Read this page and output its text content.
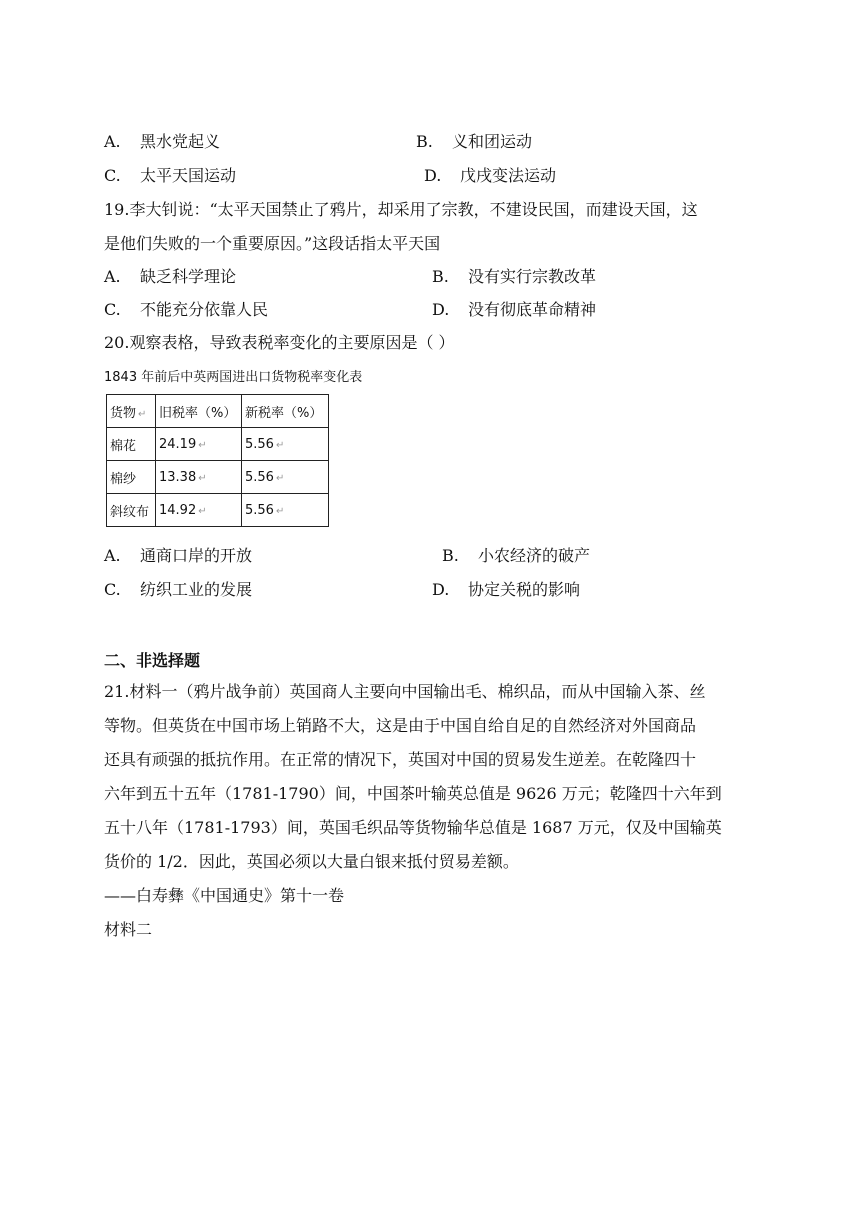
A. 黑水党起义	B. 义和团运动
C. 太平天国运动	D. 戊戌变法运动
19.李大钊说：“太平天国禁止了鸦片，却采用了宗教，不建设民国，而建设天国，这
是他们失败的一个重要原因。”这段话指太平天国
A. 缺乏科学理论	B. 没有实行宗教改革
C. 不能充分依靠人民	D. 没有彻底革命精神
20.观察表格，导致表税率变化的主要原因是（ ）
1843 年前后中英两国进出口货物税率变化表
货物 ↵	旧税率（%）	新税率（%）
棉花	24.19 ↵	5.56 ↵
棉纱	13.38 ↵	5.56 ↵
斜纹布	14.92 ↵	5.56 ↵
A. 通商口岸的开放	B. 小农经济的破产
C. 纺织工业的发展	D. 协定关税的影响
二、非选择题
21.材料一（鸦片战争前）英国商人主要向中国输出毛、棉织品，而从中国输入茶、丝
等物。但英货在中国市场上销路不大，这是由于中国自给自足的自然经济对外国商品
还具有顽强的抵抗作用。在正常的情况下，英国对中国的贸易发生逆差。在乾隆四十
六年到五十五年（1781-1790）间，中国茶叶输英总值是 9626 万元；乾隆四十六年到
五十八年（1781-1793）间，英国毛织品等货物输华总值是 1687 万元，仅及中国输英
货价的 1/2．因此，英国必须以大量白银来抵付贸易差额。
——白寿彝《中国通史》第十一卷
材料二
